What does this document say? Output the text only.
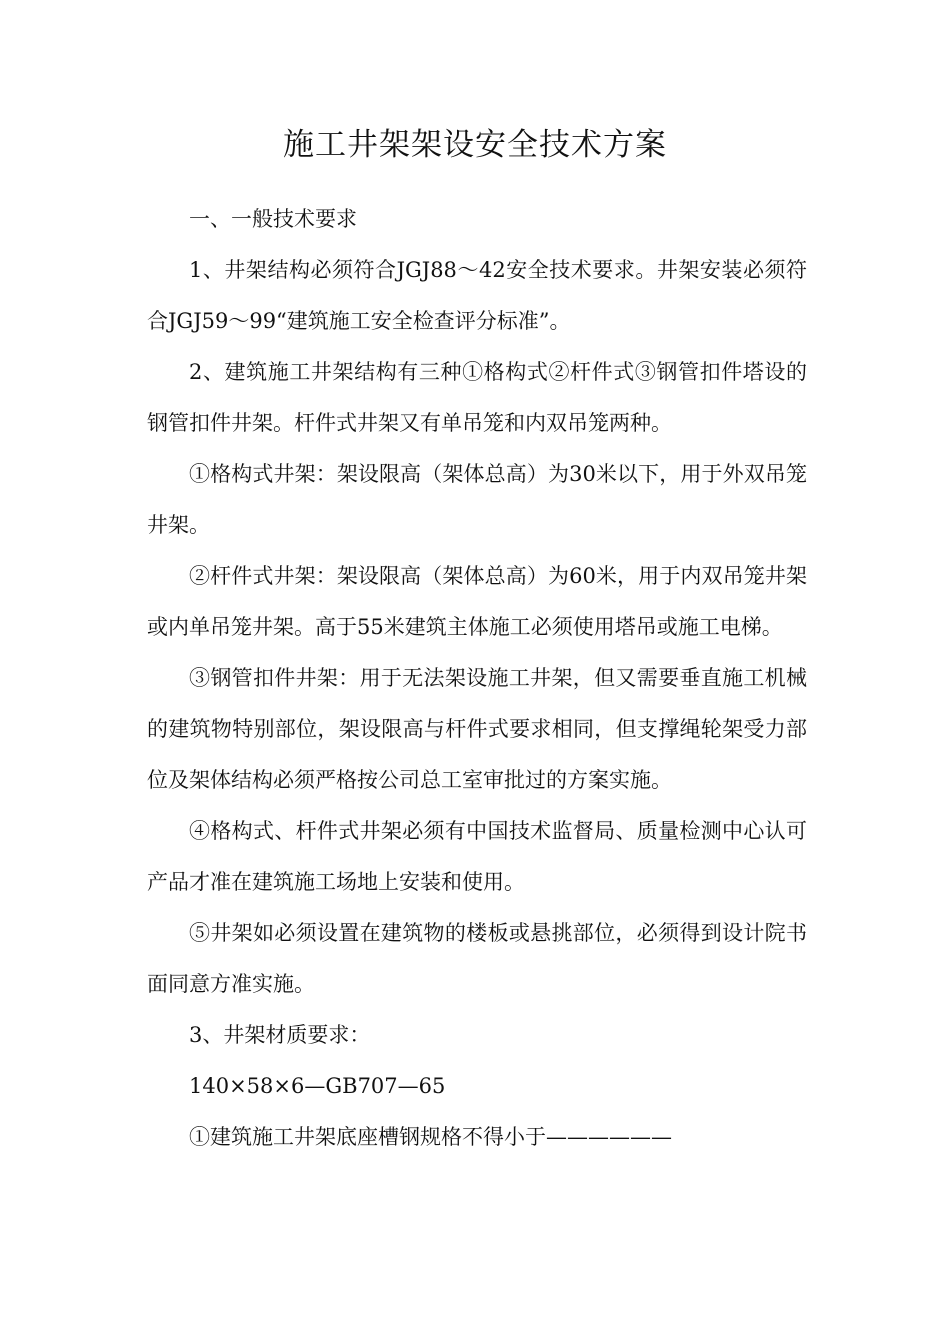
施工井架架设安全技术方案

一、一般技术要求

1、井架结构必须符合JGJ88～42安全技术要求。井架安装必须符合JGJ59～99“建筑施工安全检查评分标准”。

2、建筑施工井架结构有三种①格构式②杆件式③钢管扣件塔设的钢管扣件井架。杆件式井架又有单吊笼和内双吊笼两种。

①格构式井架：架设限高（架体总高）为30米以下，用于外双吊笼井架。

②杆件式井架：架设限高（架体总高）为60米，用于内双吊笼井架或内单吊笼井架。高于55米建筑主体施工必须使用塔吊或施工电梯。

③钢管扣件井架：用于无法架设施工井架，但又需要垂直施工机械的建筑物特别部位，架设限高与杆件式要求相同，但支撑绳轮架受力部位及架体结构必须严格按公司总工室审批过的方案实施。

④格构式、杆件式井架必须有中国技术监督局、质量检测中心认可产品才准在建筑施工场地上安装和使用。

⑤井架如必须设置在建筑物的楼板或悬挑部位，必须得到设计院书面同意方准实施。

3、井架材质要求：

140×58×6—GB707—65

①建筑施工井架底座槽钢规格不得小于——————
